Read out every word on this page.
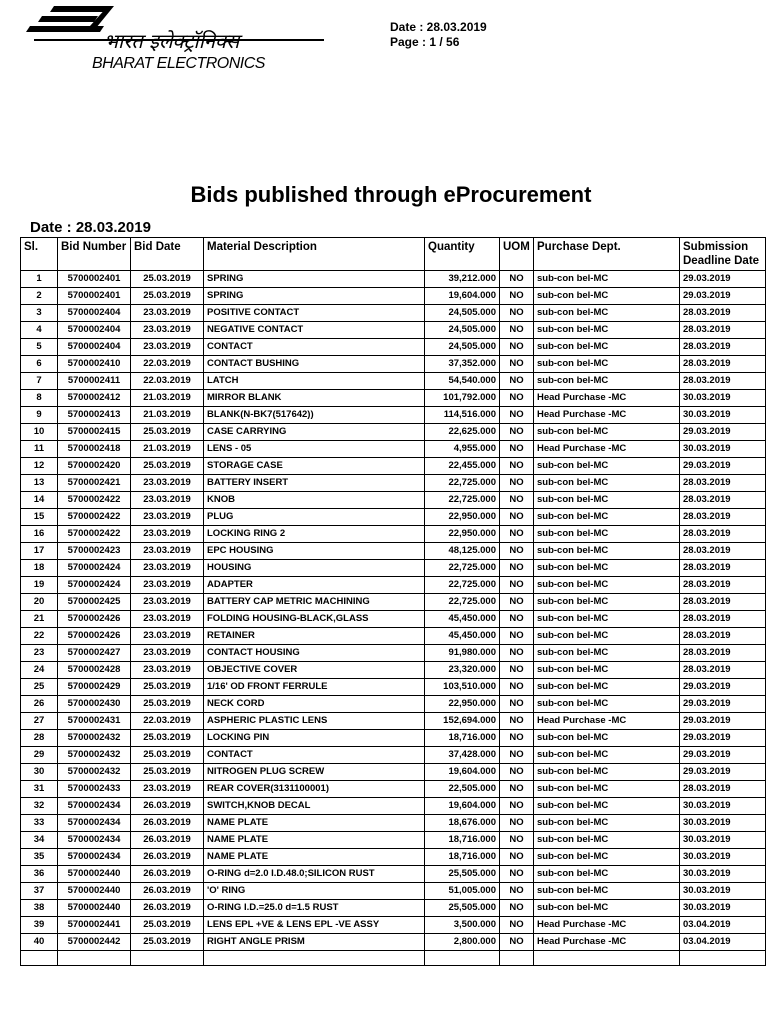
भारत इलेक्ट्रॉनिक्स
BHARAT ELECTRONICS
Date : 28.03.2019
Page : 1 / 56
Bids published through eProcurement
Date : 28.03.2019
Sl.	Bid Number	Bid Date	Material Description	Quantity	UOM	Purchase Dept.	Submission Deadline Date
1	5700002401	25.03.2019	SPRING	39,212.000	NO	sub-con bel-MC	29.03.2019
2	5700002401	25.03.2019	SPRING	19,604.000	NO	sub-con bel-MC	29.03.2019
3	5700002404	23.03.2019	POSITIVE CONTACT	24,505.000	NO	sub-con bel-MC	28.03.2019
4	5700002404	23.03.2019	NEGATIVE CONTACT	24,505.000	NO	sub-con bel-MC	28.03.2019
5	5700002404	23.03.2019	CONTACT	24,505.000	NO	sub-con bel-MC	28.03.2019
6	5700002410	22.03.2019	CONTACT BUSHING	37,352.000	NO	sub-con bel-MC	28.03.2019
7	5700002411	22.03.2019	LATCH	54,540.000	NO	sub-con bel-MC	28.03.2019
8	5700002412	21.03.2019	MIRROR BLANK	101,792.000	NO	Head Purchase -MC	30.03.2019
9	5700002413	21.03.2019	BLANK(N-BK7(517642))	114,516.000	NO	Head Purchase -MC	30.03.2019
10	5700002415	25.03.2019	CASE CARRYING	22,625.000	NO	sub-con bel-MC	29.03.2019
11	5700002418	21.03.2019	LENS - 05	4,955.000	NO	Head Purchase -MC	30.03.2019
12	5700002420	25.03.2019	STORAGE CASE	22,455.000	NO	sub-con bel-MC	29.03.2019
13	5700002421	23.03.2019	BATTERY INSERT	22,725.000	NO	sub-con bel-MC	28.03.2019
14	5700002422	23.03.2019	KNOB	22,725.000	NO	sub-con bel-MC	28.03.2019
15	5700002422	23.03.2019	PLUG	22,950.000	NO	sub-con bel-MC	28.03.2019
16	5700002422	23.03.2019	LOCKING RING 2	22,950.000	NO	sub-con bel-MC	28.03.2019
17	5700002423	23.03.2019	EPC HOUSING	48,125.000	NO	sub-con bel-MC	28.03.2019
18	5700002424	23.03.2019	HOUSING	22,725.000	NO	sub-con bel-MC	28.03.2019
19	5700002424	23.03.2019	ADAPTER	22,725.000	NO	sub-con bel-MC	28.03.2019
20	5700002425	23.03.2019	BATTERY CAP METRIC MACHINING	22,725.000	NO	sub-con bel-MC	28.03.2019
21	5700002426	23.03.2019	FOLDING HOUSING-BLACK,GLASS	45,450.000	NO	sub-con bel-MC	28.03.2019
22	5700002426	23.03.2019	RETAINER	45,450.000	NO	sub-con bel-MC	28.03.2019
23	5700002427	23.03.2019	CONTACT HOUSING	91,980.000	NO	sub-con bel-MC	28.03.2019
24	5700002428	23.03.2019	OBJECTIVE COVER	23,320.000	NO	sub-con bel-MC	28.03.2019
25	5700002429	25.03.2019	1/16' OD FRONT FERRULE	103,510.000	NO	sub-con bel-MC	29.03.2019
26	5700002430	25.03.2019	NECK CORD	22,950.000	NO	sub-con bel-MC	29.03.2019
27	5700002431	22.03.2019	ASPHERIC PLASTIC LENS	152,694.000	NO	Head Purchase -MC	29.03.2019
28	5700002432	25.03.2019	LOCKING PIN	18,716.000	NO	sub-con bel-MC	29.03.2019
29	5700002432	25.03.2019	CONTACT	37,428.000	NO	sub-con bel-MC	29.03.2019
30	5700002432	25.03.2019	NITROGEN PLUG SCREW	19,604.000	NO	sub-con bel-MC	29.03.2019
31	5700002433	23.03.2019	REAR COVER(3131100001)	22,505.000	NO	sub-con bel-MC	28.03.2019
32	5700002434	26.03.2019	SWITCH,KNOB DECAL	19,604.000	NO	sub-con bel-MC	30.03.2019
33	5700002434	26.03.2019	NAME PLATE	18,676.000	NO	sub-con bel-MC	30.03.2019
34	5700002434	26.03.2019	NAME PLATE	18,716.000	NO	sub-con bel-MC	30.03.2019
35	5700002434	26.03.2019	NAME PLATE	18,716.000	NO	sub-con bel-MC	30.03.2019
36	5700002440	26.03.2019	O-RING d=2.0 I.D.48.0;SILICON RUST	25,505.000	NO	sub-con bel-MC	30.03.2019
37	5700002440	26.03.2019	'O' RING	51,005.000	NO	sub-con bel-MC	30.03.2019
38	5700002440	26.03.2019	O-RING I.D.=25.0 d=1.5 RUST	25,505.000	NO	sub-con bel-MC	30.03.2019
39	5700002441	25.03.2019	LENS EPL +VE & LENS EPL -VE ASSY	3,500.000	NO	Head Purchase -MC	03.04.2019
40	5700002442	25.03.2019	RIGHT ANGLE PRISM	2,800.000	NO	Head Purchase -MC	03.04.2019
